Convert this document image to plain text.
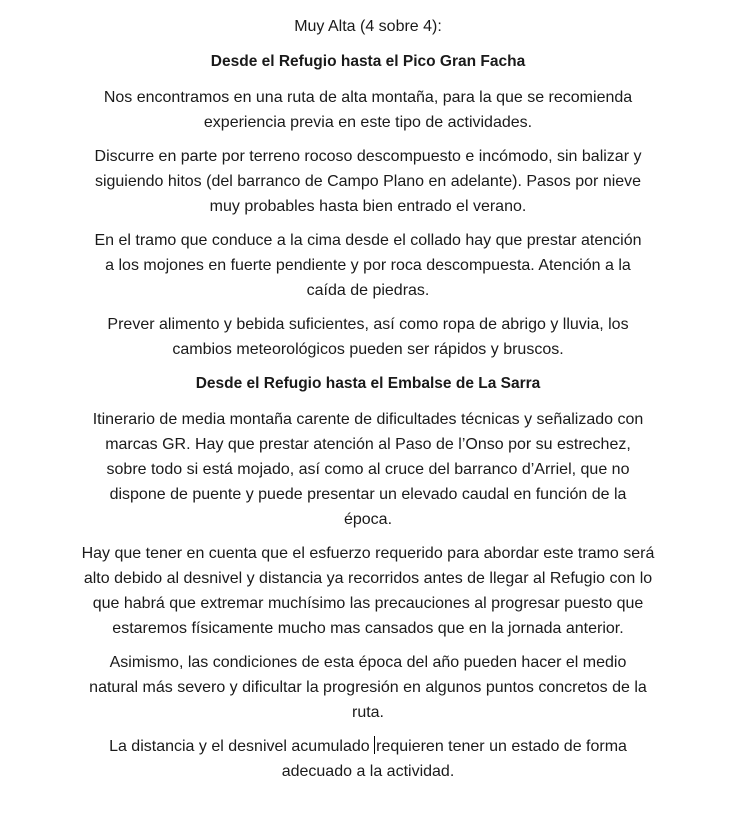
Muy Alta (4 sobre 4):

Desde el Refugio hasta el Pico Gran Facha

Nos encontramos en una ruta de alta montaña, para la que se recomienda experiencia previa en este tipo de actividades.

Discurre en parte por terreno rocoso descompuesto e incómodo, sin balizar y siguiendo hitos (del barranco de Campo Plano en adelante). Pasos por nieve muy probables hasta bien entrado el verano.

En el tramo que conduce a la cima desde el collado hay que prestar atención a los mojones en fuerte pendiente y por roca descompuesta. Atención a la caída de piedras.

Prever alimento y bebida suficientes, así como ropa de abrigo y lluvia, los cambios meteorológicos pueden ser rápidos y bruscos.

Desde el Refugio hasta el Embalse de La Sarra

Itinerario de media montaña carente de dificultades técnicas y señalizado con marcas GR. Hay que prestar atención al Paso de l’Onso por su estrechez, sobre todo si está mojado, así como al cruce del barranco d’Arriel, que no dispone de puente y puede presentar un elevado caudal en función de la época.

Hay que tener en cuenta que el esfuerzo requerido para abordar este tramo será alto debido al desnivel y distancia ya recorridos antes de llegar al Refugio con lo que habrá que extremar muchísimo las precauciones al progresar puesto que estaremos físicamente mucho mas cansados que en la jornada anterior.

Asimismo, las condiciones de esta época del año pueden hacer el medio natural más severo y dificultar la progresión en algunos puntos concretos de la ruta.

La distancia y el desnivel acumulado requieren tener un estado de forma adecuado a la actividad.
